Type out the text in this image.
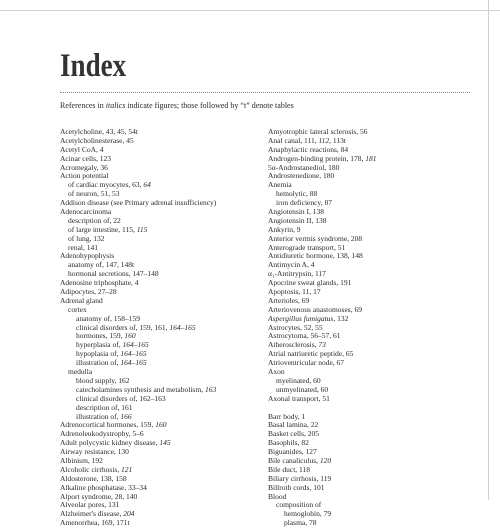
Index
References in italics indicate figures; those followed by “t” denote tables
Acetylcholine, 43, 45, 54t
Acetylcholinesterase, 45
Acetyl CoA, 4
Acinar cells, 123
Acromegaly, 36
Action potential
of cardiac myocytes, 63, 64
of neuron, 51, 53
Addison disease (see Primary adrenal insufficiency)
Adenocarcinoma
description of, 22
of large intestine, 115, 115
of lung, 132
renal, 141
Adenohypophysis
anatomy of, 147, 148t
hormonal secretions, 147–148
Adenosine triphosphate, 4
Adipocytes, 27–28
Adrenal gland
cortex
anatomy of, 158–159
clinical disorders of, 159, 161, 164–165
hormones, 159, 160
hyperplasia of, 164–165
hypoplasia of, 164–165
illustration of, 164–165
medulla
blood supply, 162
catecholamines synthesis and metabolism, 163
clinical disorders of, 162–163
description of, 161
illustration of, 166
Adrenocortical hormones, 159, 160
Adrenoleukodystrophy, 5–6
Adult polycystic kidney disease, 145
Airway resistance, 130
Albinism, 192
Alcoholic cirrhosis, 121
Aldosterone, 138, 158
Alkaline phosphatase, 33–34
Alport syndrome, 28, 140
Alveolar pores, 131
Alzheimer's disease, 204
Amenorrhea, 169, 171t
Amyotrophic lateral sclerosis, 56
Anal canal, 111, 112, 113t
Anaphylactic reactions, 84
Androgen-binding protein, 178, 181
5α-Androstanediol, 180
Androstenedione, 180
Anemia
hemolytic, 88
iron deficiency, 87
Angiotensin I, 138
Angiotensin II, 138
Ankyrin, 9
Anterior vermis syndrome, 208
Anterograde transport, 51
Antidiuretic hormone, 138, 148
Antimycin A, 4
α₁-Antitrypsin, 117
Apocrine sweat glands, 191
Apoptosis, 11, 17
Arterioles, 69
Arteriovenous anastomoses, 69
Aspergillus fumigatus, 132
Astrocytes, 52, 55
Astrocytoma, 56–57, 61
Atherosclerosis, 73
Atrial natriuretic peptide, 65
Atrioventricular node, 67
Axon
myelinated, 60
unmyelinated, 60
Axonal transport, 51
Barr body, 1
Basal lamina, 22
Basket cells, 205
Basophils, 82
Biguanides, 127
Bile canaliculus, 120
Bile duct, 118
Biliary cirrhosis, 119
Billroth cords, 101
Blood
composition of
hemoglobin, 79
plasma, 78
